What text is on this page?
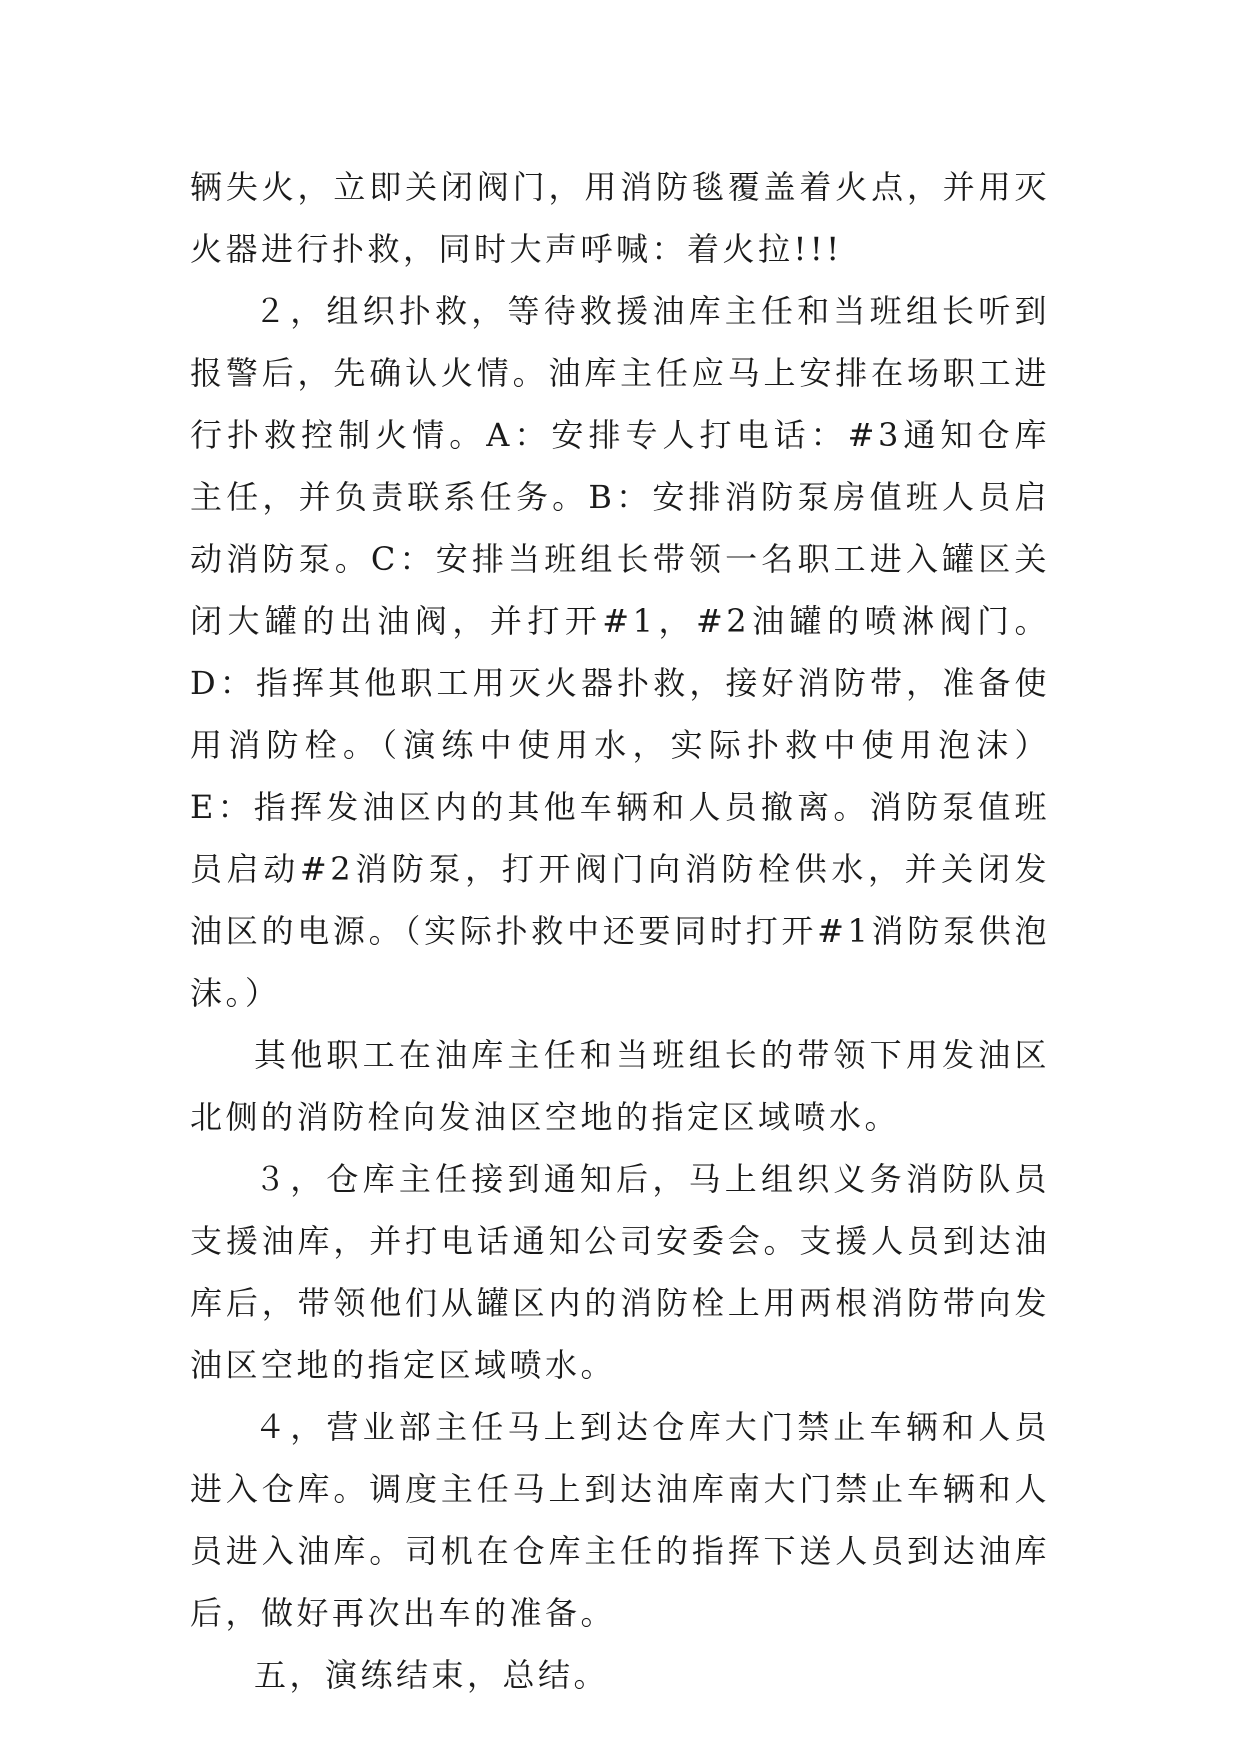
辆失火，立即关闭阀门，用消防毯覆盖着火点，并用灭火器进行扑救，同时大声呼喊：着火拉!!!

２，组织扑救，等待救援油库主任和当班组长听到报警后，先确认火情。油库主任应马上安排在场职工进行扑救控制火情。A：安排专人打电话：#3通知仓库主任，并负责联系任务。B：安排消防泵房值班人员启动消防泵。C：安排当班组长带领一名职工进入罐区关闭大罐的出油阀，并打开#1，#2油罐的喷淋阀门。D：指挥其他职工用灭火器扑救，接好消防带，准备使用消防栓。（演练中使用水，实际扑救中使用泡沫）E：指挥发油区内的其他车辆和人员撤离。消防泵值班员启动#2消防泵，打开阀门向消防栓供水，并关闭发油区的电源。（实际扑救中还要同时打开#1消防泵供泡沫。）

其他职工在油库主任和当班组长的带领下用发油区北侧的消防栓向发油区空地的指定区域喷水。

３，仓库主任接到通知后，马上组织义务消防队员支援油库，并打电话通知公司安委会。支援人员到达油库后，带领他们从罐区内的消防栓上用两根消防带向发油区空地的指定区域喷水。

４，营业部主任马上到达仓库大门禁止车辆和人员进入仓库。调度主任马上到达油库南大门禁止车辆和人员进入油库。司机在仓库主任的指挥下送人员到达油库后，做好再次出车的准备。

五，演练结束，总结。
